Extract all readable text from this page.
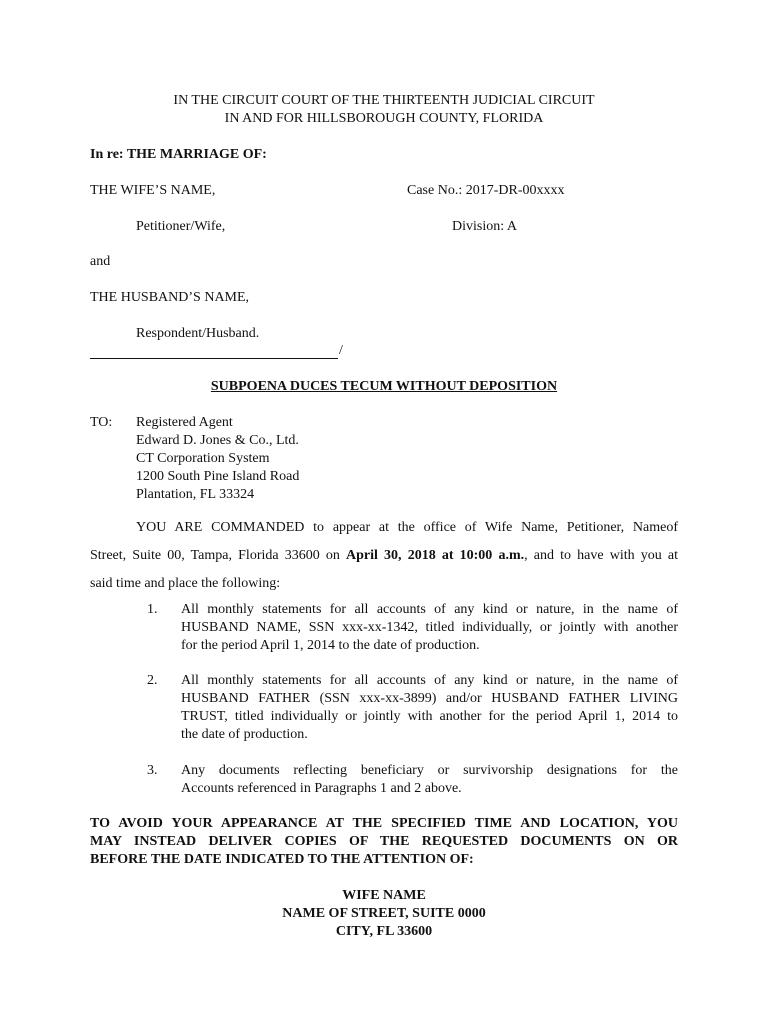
IN THE CIRCUIT COURT OF THE THIRTEENTH JUDICIAL CIRCUIT
IN AND FOR HILLSBOROUGH COUNTY, FLORIDA
In re: THE MARRIAGE OF:
THE WIFE’S NAME,	Case No.: 2017-DR-00xxxx
Petitioner/Wife,	Division: A
and
THE HUSBAND’S NAME,
Respondent/Husband.
/
SUBPOENA DUCES TECUM WITHOUT DEPOSITION
TO: Registered Agent
Edward D. Jones & Co., Ltd.
CT Corporation System
1200 South Pine Island Road
Plantation, FL 33324
YOU ARE COMMANDED to appear at the office of Wife Name, Petitioner, Nameof
Street, Suite 00, Tampa, Florida 33600 on April 30, 2018 at 10:00 a.m., and to have with you at
said time and place the following:
1. All monthly statements for all accounts of any kind or nature, in the name of
HUSBAND NAME, SSN xxx-xx-1342, titled individually, or jointly with another
for the period April 1, 2014 to the date of production.
2. All monthly statements for all accounts of any kind or nature, in the name of
HUSBAND FATHER (SSN xxx-xx-3899) and/or HUSBAND FATHER LIVING
TRUST, titled individually or jointly with another for the period April 1, 2014 to
the date of production.
3. Any documents reflecting beneficiary or survivorship designations for the
Accounts referenced in Paragraphs 1 and 2 above.
TO AVOID YOUR APPEARANCE AT THE SPECIFIED TIME AND LOCATION, YOU
MAY INSTEAD DELIVER COPIES OF THE REQUESTED DOCUMENTS ON OR
BEFORE THE DATE INDICATED TO THE ATTENTION OF:
WIFE NAME
NAME OF STREET, SUITE 0000
CITY, FL 33600
